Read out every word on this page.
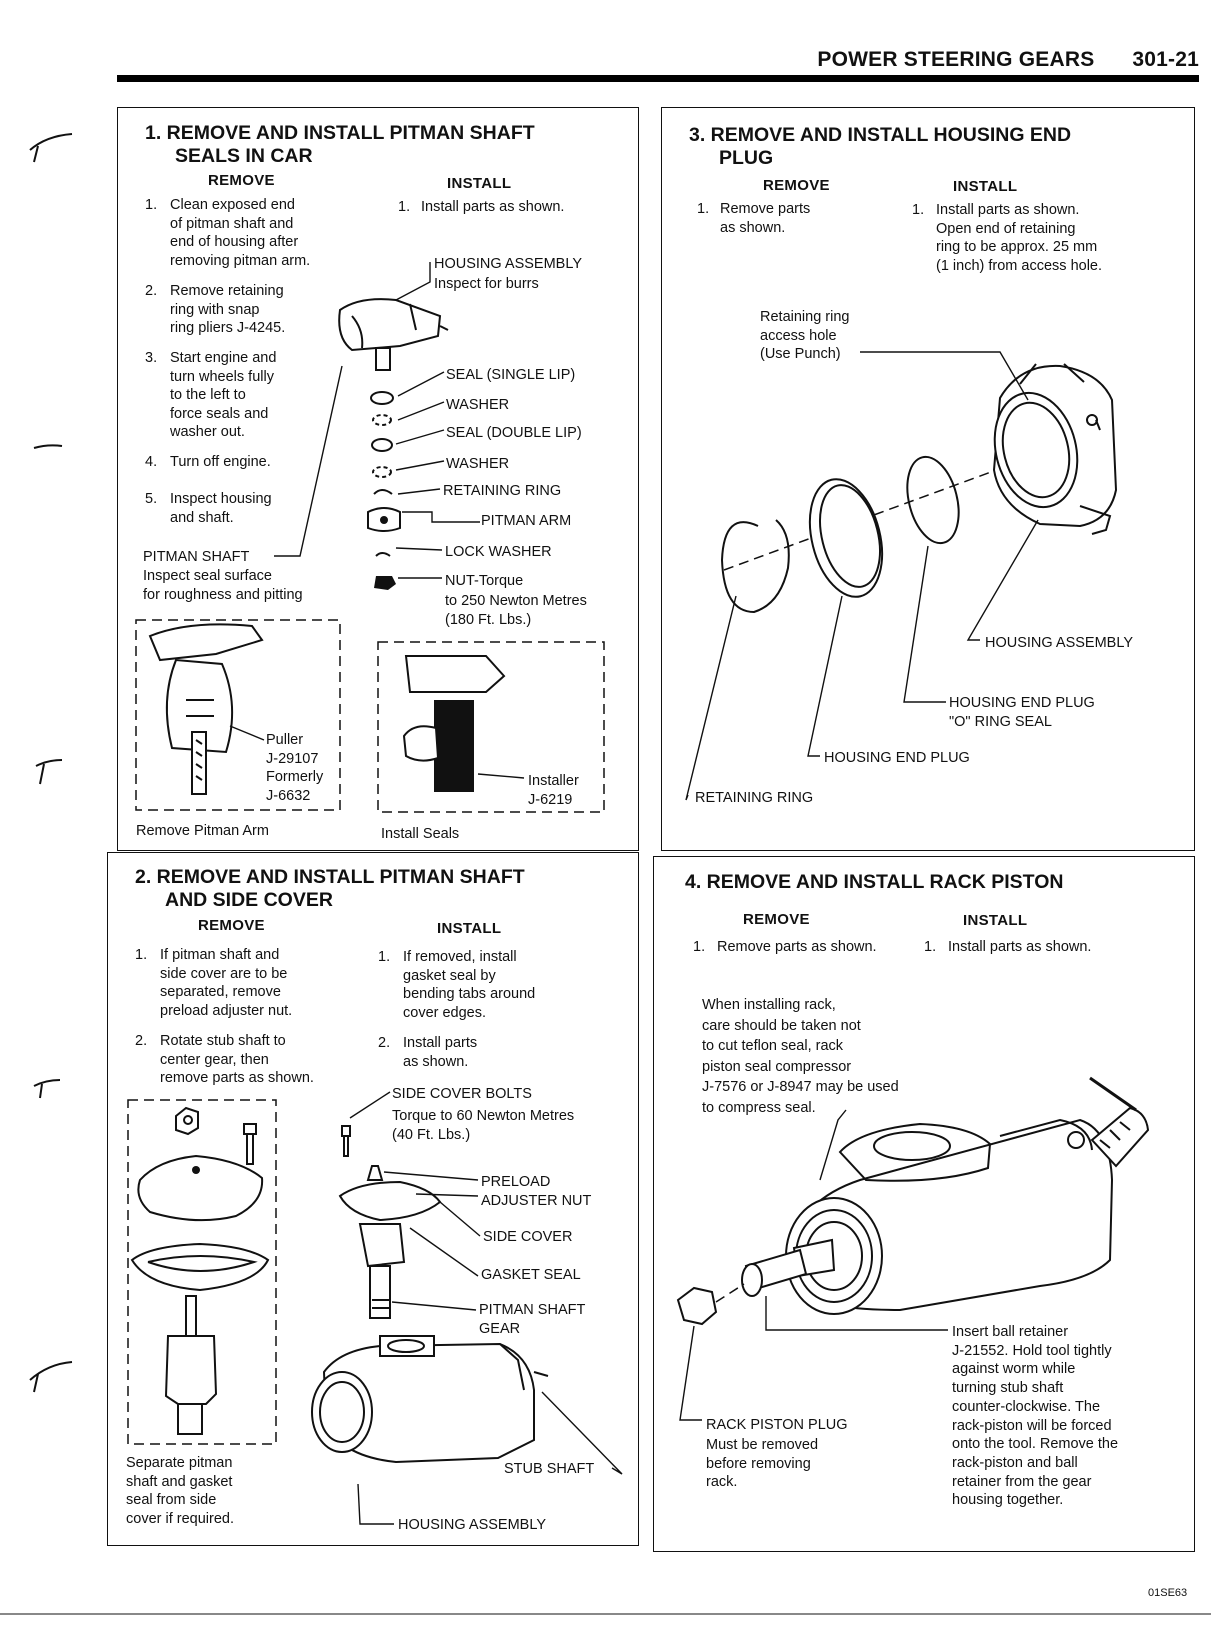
POWER STEERING GEARS 301-21
1. REMOVE AND INSTALL PITMAN SHAFT
SEALS IN CAR
REMOVE	INSTALL
1. Clean exposed end
of pitman shaft and
end of housing after
removing pitman arm.
2. Remove retaining
ring with snap
ring pliers J-4245.
3. Start engine and
turn wheels fully
to the left to
force seals and
washer out.
4. Turn off engine.
5. Inspect housing
and shaft.
1. Install parts as shown.
HOUSING ASSEMBLY
Inspect for burrs
SEAL (SINGLE LIP)
WASHER
SEAL (DOUBLE LIP)
WASHER
RETAINING RING
PITMAN ARM
LOCK WASHER
NUT-Torque
to 250 Newton Metres
(180 Ft. Lbs.)
PITMAN SHAFT
Inspect seal surface
for roughness and pitting
Puller
J-29107
Formerly
J-6632
Installer
J-6219
Remove Pitman Arm	Install Seals
2. REMOVE AND INSTALL PITMAN SHAFT
AND SIDE COVER
REMOVE	INSTALL
1. If pitman shaft and
side cover are to be
separated, remove
preload adjuster nut.
2. Rotate stub shaft to
center gear, then
remove parts as shown.
1. If removed, install
gasket seal by
bending tabs around
cover edges.
2. Install parts
as shown.
SIDE COVER BOLTS
Torque to 60 Newton Metres
(40 Ft. Lbs.)
PRELOAD
ADJUSTER NUT
SIDE COVER
GASKET SEAL
PITMAN SHAFT
GEAR
STUB SHAFT
HOUSING ASSEMBLY
Separate pitman
shaft and gasket
seal from side
cover if required.
3. REMOVE AND INSTALL HOUSING END
PLUG
REMOVE	INSTALL
1. Remove parts
as shown.
1. Install parts as shown.
Open end of retaining
ring to be approx. 25 mm
(1 inch) from access hole.
Retaining ring
access hole
(Use Punch)
HOUSING ASSEMBLY
HOUSING END PLUG
"O" RING SEAL
HOUSING END PLUG
RETAINING RING
4. REMOVE AND INSTALL RACK PISTON
REMOVE	INSTALL
1. Remove parts as shown.	1. Install parts as shown.
When installing rack,
care should be taken not
to cut teflon seal, rack
piston seal compressor
J-7576 or J-8947 may be used
to compress seal.
RACK PISTON PLUG
Must be removed
before removing
rack.
Insert ball retainer
J-21552. Hold tool tightly
against worm while
turning stub shaft
counter-clockwise. The
rack-piston will be forced
onto the tool. Remove the
rack-piston and ball
retainer from the gear
housing together.
01SE63
